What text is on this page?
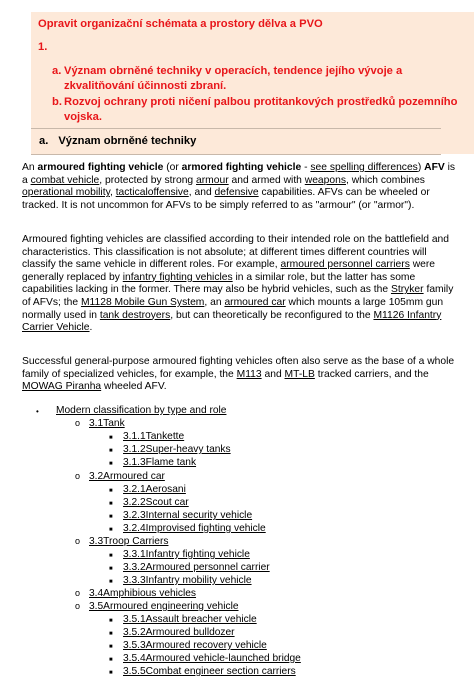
Opravit organizační schémata a prostory dělva a PVO
1.
a. Význam obrněné techniky v operacích, tendence jejího vývoje a zkvalitňování účinnosti zbraní.
b. Rozvoj ochrany proti ničení palbou protitankových prostředků pozemního vojska.
a. Význam obrněné techniky

An armoured fighting vehicle (or armored fighting vehicle - see spelling differences) AFV is a combat vehicle, protected by strong armour and armed with weapons, which combines operational mobility, tacticaloffensive, and defensive capabilities. AFVs can be wheeled or tracked. It is not uncommon for AFVs to be simply referred to as "armour" (or "armor").

Armoured fighting vehicles are classified according to their intended role on the battlefield and characteristics. This classification is not absolute; at different times different countries will classify the same vehicle in different roles. For example, armoured personnel carriers were generally replaced by infantry fighting vehicles in a similar role, but the latter has some capabilities lacking in the former. There may also be hybrid vehicles, such as the Stryker family of AFVs; the M1128 Mobile Gun System, an armoured car which mounts a large 105mm gun normally used in tank destroyers, but can theoretically be reconfigured to the M1126 Infantry Carrier Vehicle.

Successful general-purpose armoured fighting vehicles often also serve as the base of a whole family of specialized vehicles, for example, the M113 and MT-LB tracked carriers, and the MOWAG Piranha wheeled AFV.

• Modern classification by type and role
o 3.1Tank
■ 3.1.1Tankette
■ 3.1.2Super-heavy tanks
■ 3.1.3Flame tank
o 3.2Armoured car
■ 3.2.1Aerosani
■ 3.2.2Scout car
■ 3.2.3Internal security vehicle
■ 3.2.4Improvised fighting vehicle
o 3.3Troop Carriers
■ 3.3.1Infantry fighting vehicle
■ 3.3.2Armoured personnel carrier
■ 3.3.3Infantry mobility vehicle
o 3.4Amphibious vehicles
o 3.5Armoured engineering vehicle
■ 3.5.1Assault breacher vehicle
■ 3.5.2Armoured bulldozer
■ 3.5.3Armoured recovery vehicle
■ 3.5.4Armoured vehicle-launched bridge
■ 3.5.5Combat engineer section carriers
